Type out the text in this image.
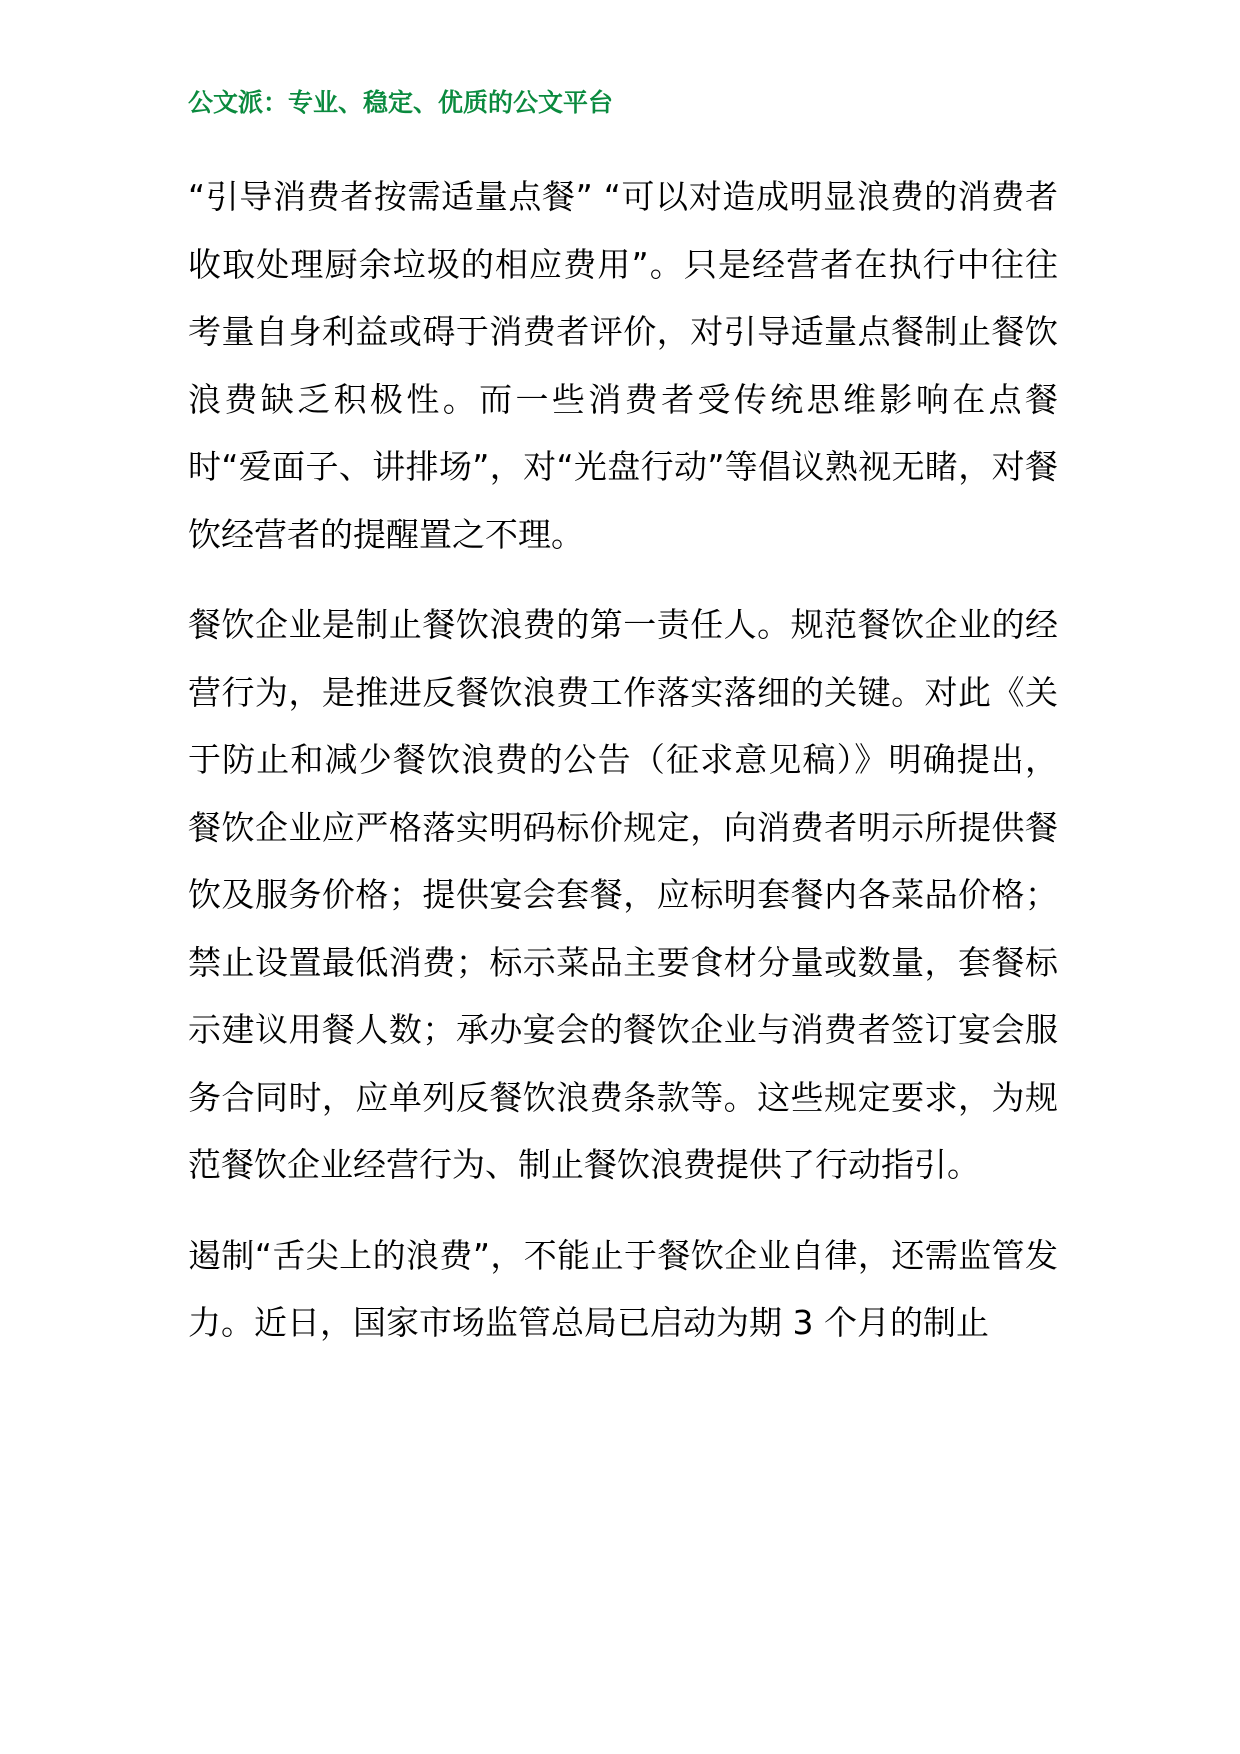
公文派：专业、稳定、优质的公文平台

“引导消费者按需适量点餐” “可以对造成明显浪费的消费者收取处理厨余垃圾的相应费用”。只是经营者在执行中往往考量自身利益或碍于消费者评价，对引导适量点餐制止餐饮浪费缺乏积极性。而一些消费者受传统思维影响在点餐时“爱面子、讲排场”，对“光盘行动”等倡议熟视无睹，对餐饮经营者的提醒置之不理。

餐饮企业是制止餐饮浪费的第一责任人。规范餐饮企业的经营行为，是推进反餐饮浪费工作落实落细的关键。对此《关于防止和减少餐饮浪费的公告（征求意见稿）》明确提出，餐饮企业应严格落实明码标价规定，向消费者明示所提供餐饮及服务价格；提供宴会套餐，应标明套餐内各菜品价格；禁止设置最低消费；标示菜品主要食材分量或数量，套餐标示建议用餐人数；承办宴会的餐饮企业与消费者签订宴会服务合同时，应单列反餐饮浪费条款等。这些规定要求，为规范餐饮企业经营行为、制止餐饮浪费提供了行动指引。

遏制“舌尖上的浪费”，不能止于餐饮企业自律，还需监管发力。近日，国家市场监管总局已启动为期 3 个月的制止
